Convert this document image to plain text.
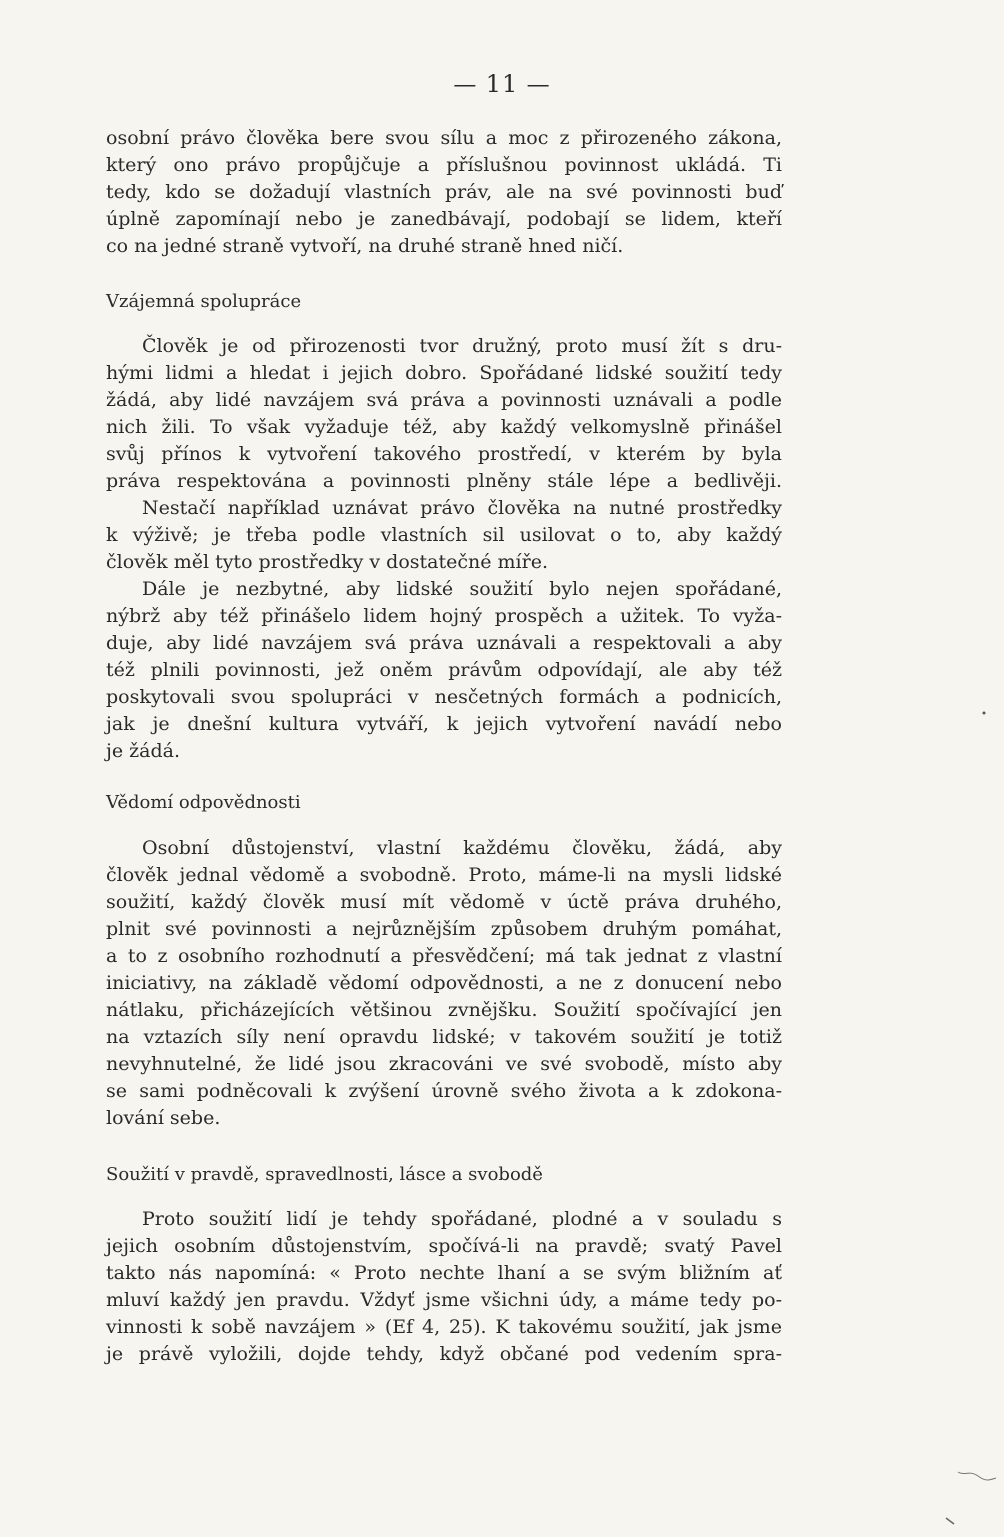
— 11 —
osobní právo člověka bere svou sílu a moc z přirozeného zákona,
který ono právo propůjčuje a příslušnou povinnost ukládá. Ti
tedy, kdo se dožadují vlastních práv, ale na své povinnosti buď
úplně zapomínají nebo je zanedbávají, podobají se lidem, kteří
co na jedné straně vytvoří, na druhé straně hned ničí.
Vzájemná spolupráce
Člověk je od přirozenosti tvor družný, proto musí žít s dru-
hými lidmi a hledat i jejich dobro. Spořádané lidské soužití tedy
žádá, aby lidé navzájem svá práva a povinnosti uznávali a podle
nich žili. To však vyžaduje též, aby každý velkomyslně přinášel
svůj přínos k vytvoření takového prostředí, v kterém by byla
práva respektována a povinnosti plněny stále lépe a bedlivěji.
Nestačí například uznávat právo člověka na nutné prostředky
k výživě; je třeba podle vlastních sil usilovat o to, aby každý
člověk měl tyto prostředky v dostatečné míře.
Dále je nezbytné, aby lidské soužití bylo nejen spořádané,
nýbrž aby též přinášelo lidem hojný prospěch a užitek. To vyža-
duje, aby lidé navzájem svá práva uznávali a respektovali a aby
též plnili povinnosti, jež oněm právům odpovídají, ale aby též
poskytovali svou spolupráci v nesčetných formách a podnicích,
jak je dnešní kultura vytváří, k jejich vytvoření navádí nebo
je žádá.
Vědomí odpovědnosti
Osobní důstojenství, vlastní každému člověku, žádá, aby
člověk jednal vědomě a svobodně. Proto, máme-li na mysli lidské
soužití, každý člověk musí mít vědomě v úctě práva druhého,
plnit své povinnosti a nejrůznějším způsobem druhým pomáhat,
a to z osobního rozhodnutí a přesvědčení; má tak jednat z vlastní
iniciativy, na základě vědomí odpovědnosti, a ne z donucení nebo
nátlaku, přicházejících většinou zvnějšku. Soužití spočívající jen
na vztazích síly není opravdu lidské; v takovém soužití je totiž
nevyhnutelné, že lidé jsou zkracováni ve své svobodě, místo aby
se sami podněcovali k zvýšení úrovně svého života a k zdokona-
lování sebe.
Soužití v pravdě, spravedlnosti, lásce a svobodě
Proto soužití lidí je tehdy spořádané, plodné a v souladu s
jejich osobním důstojenstvím, spočívá-li na pravdě; svatý Pavel
takto nás napomíná: « Proto nechte lhaní a se svým bližním ať
mluví každý jen pravdu. Vždyť jsme všichni údy, a máme tedy po-
vinnosti k sobě navzájem » (Ef 4, 25). K takovému soužití, jak jsme
je právě vyložili, dojde tehdy, když občané pod vedením spra-
